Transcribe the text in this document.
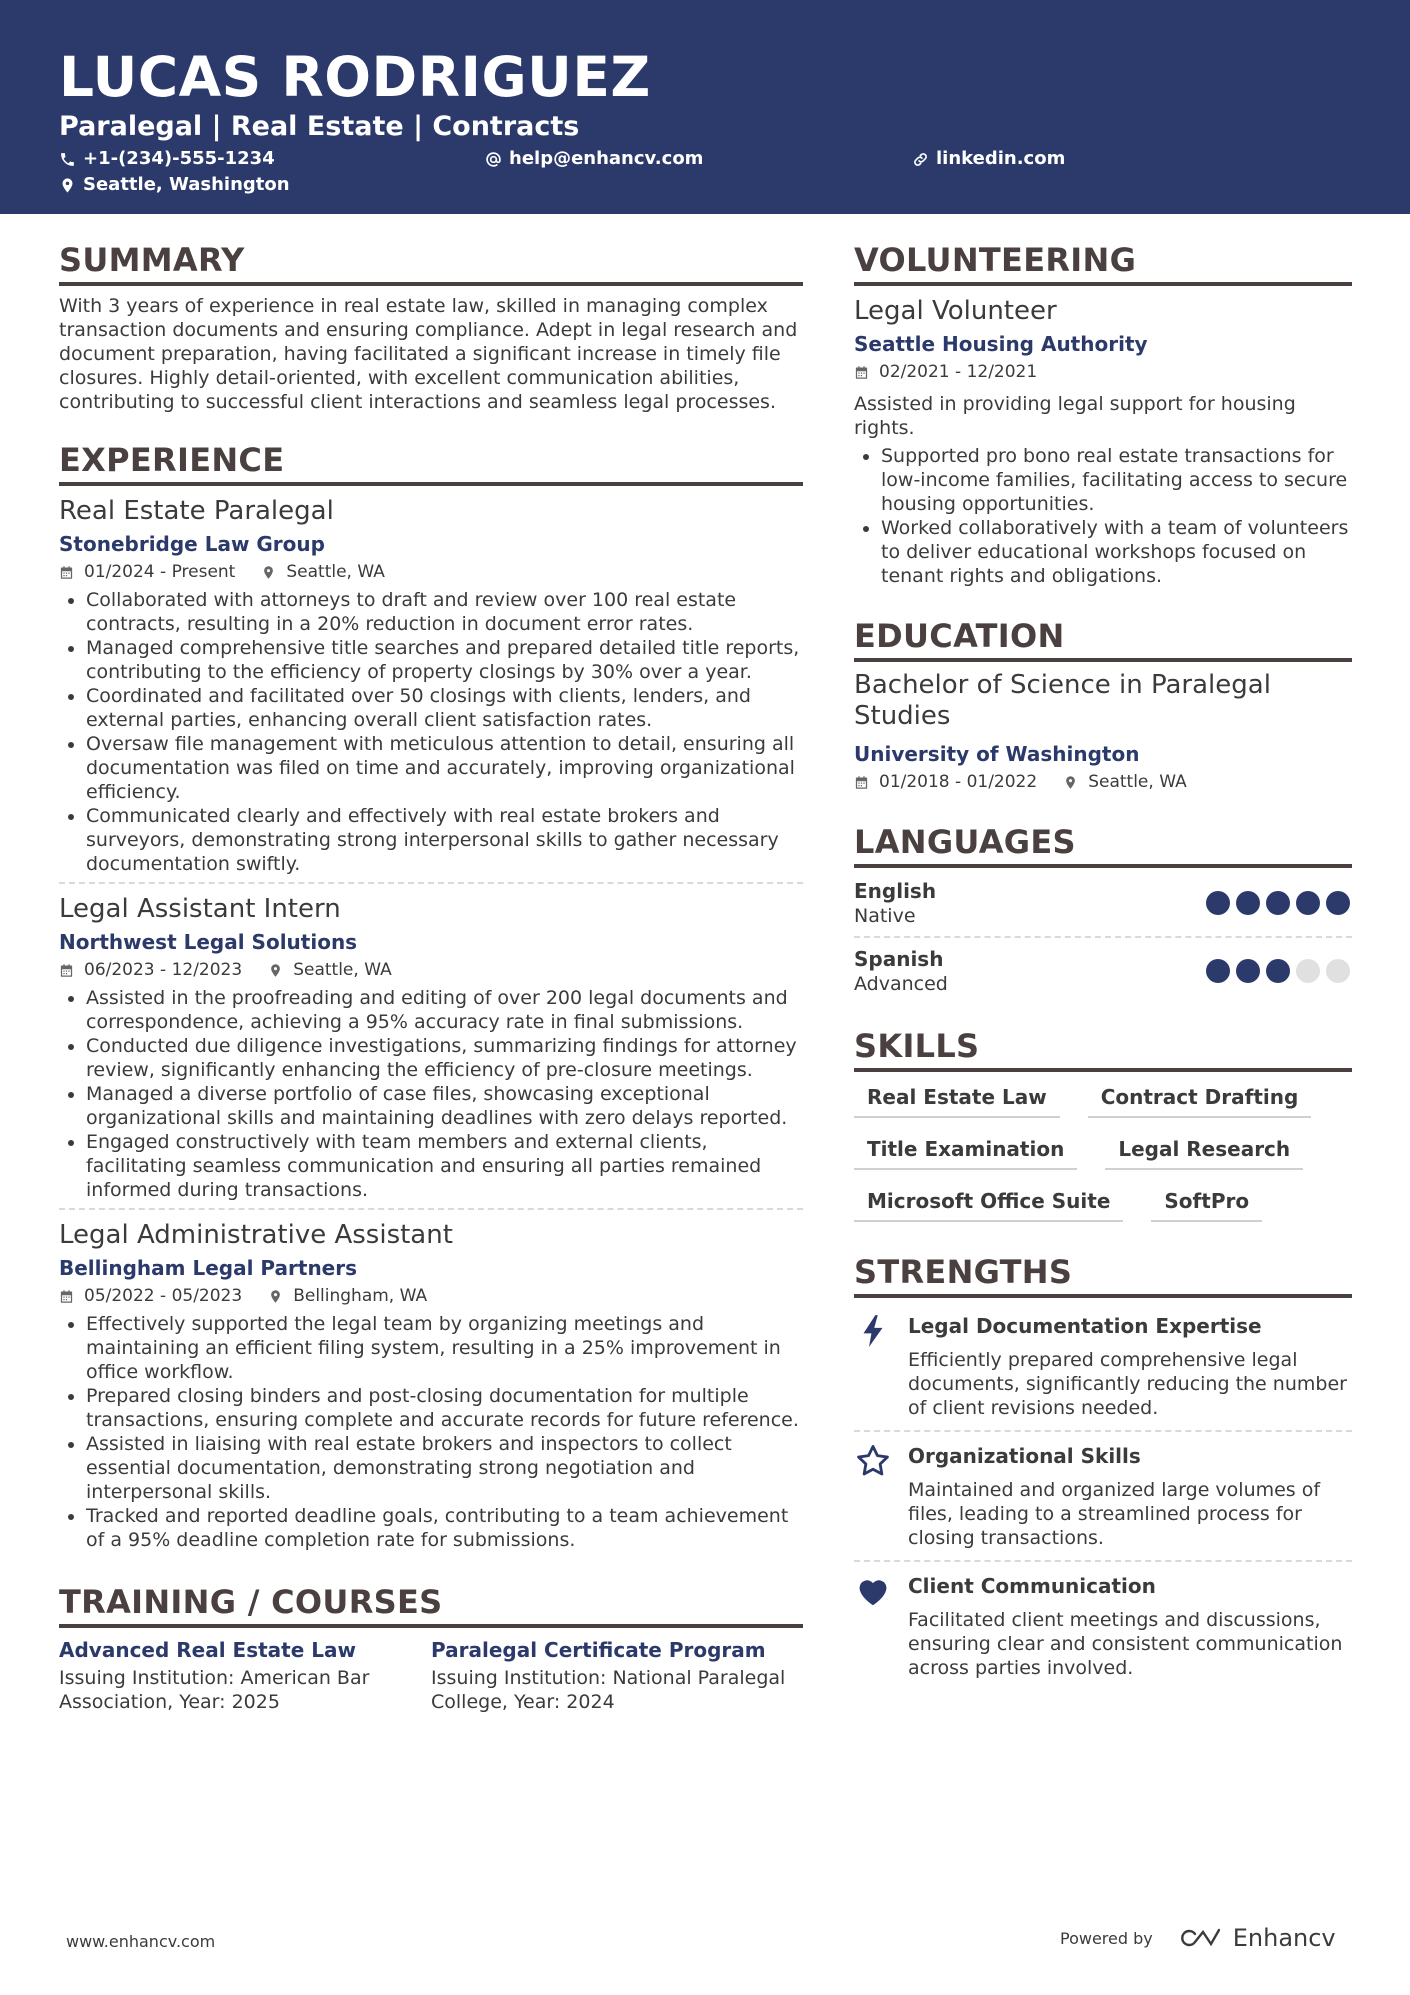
LUCAS RODRIGUEZ
Paralegal | Real Estate | Contracts
+1-(234)-555-1234	help@enhancv.com	linkedin.com
Seattle, Washington
SUMMARY

With 3 years of experience in real estate law, skilled in managing complex transaction documents and ensuring compliance. Adept in legal research and document preparation, having facilitated a significant increase in timely file closures. Highly detail-oriented, with excellent communication abilities, contributing to successful client interactions and seamless legal processes.

EXPERIENCE
Real Estate Paralegal
Stonebridge Law Group
01/2024 - Present	Seattle, WA
• Collaborated with attorneys to draft and review over 100 real estate contracts, resulting in a 20% reduction in document error rates.
• Managed comprehensive title searches and prepared detailed title reports, contributing to the efficiency of property closings by 30% over a year.
• Coordinated and facilitated over 50 closings with clients, lenders, and external parties, enhancing overall client satisfaction rates.
• Oversaw file management with meticulous attention to detail, ensuring all documentation was filed on time and accurately, improving organizational efficiency.
• Communicated clearly and effectively with real estate brokers and surveyors, demonstrating strong interpersonal skills to gather necessary documentation swiftly.
Legal Assistant Intern
Northwest Legal Solutions
06/2023 - 12/2023	Seattle, WA
• Assisted in the proofreading and editing of over 200 legal documents and correspondence, achieving a 95% accuracy rate in final submissions.
• Conducted due diligence investigations, summarizing findings for attorney review, significantly enhancing the efficiency of pre-closure meetings.
• Managed a diverse portfolio of case files, showcasing exceptional organizational skills and maintaining deadlines with zero delays reported.
• Engaged constructively with team members and external clients, facilitating seamless communication and ensuring all parties remained informed during transactions.
Legal Administrative Assistant
Bellingham Legal Partners
05/2022 - 05/2023	Bellingham, WA
• Effectively supported the legal team by organizing meetings and maintaining an efficient filing system, resulting in a 25% improvement in office workflow.
• Prepared closing binders and post-closing documentation for multiple transactions, ensuring complete and accurate records for future reference.
• Assisted in liaising with real estate brokers and inspectors to collect essential documentation, demonstrating strong negotiation and interpersonal skills.
• Tracked and reported deadline goals, contributing to a team achievement of a 95% deadline completion rate for submissions.
TRAINING / COURSES
Advanced Real Estate Law
Issuing Institution: American Bar Association, Year: 2025
Paralegal Certificate Program
Issuing Institution: National Paralegal College, Year: 2024
VOLUNTEERING
Legal Volunteer
Seattle Housing Authority
02/2021 - 12/2021
Assisted in providing legal support for housing rights.
• Supported pro bono real estate transactions for low-income families, facilitating access to secure housing opportunities.
• Worked collaboratively with a team of volunteers to deliver educational workshops focused on tenant rights and obligations.
EDUCATION
Bachelor of Science in Paralegal Studies
University of Washington
01/2018 - 01/2022	Seattle, WA
LANGUAGES
English
Native
Spanish
Advanced
SKILLS
Real Estate Law	Contract Drafting
Title Examination	Legal Research
Microsoft Office Suite	SoftPro
STRENGTHS
Legal Documentation Expertise
Efficiently prepared comprehensive legal documents, significantly reducing the number of client revisions needed.
Organizational Skills
Maintained and organized large volumes of files, leading to a streamlined process for closing transactions.
Client Communication
Facilitated client meetings and discussions, ensuring clear and consistent communication across parties involved.
www.enhancv.com	Powered by	Enhancv
